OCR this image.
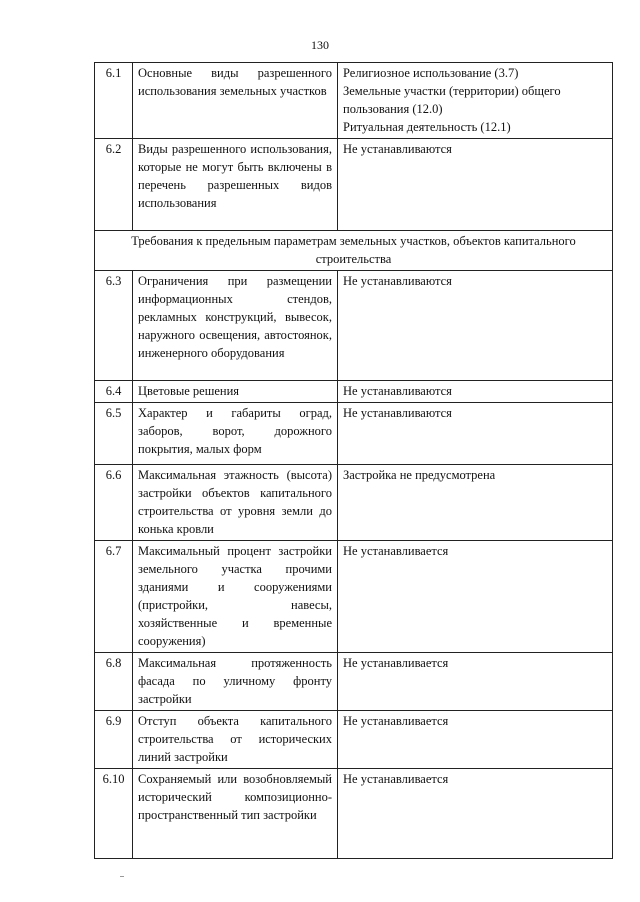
130
6.1	Основные виды разрешенного использования земельных участков	Религиозное использование (3.7)
Земельные участки (территории) общего пользования (12.0)
Ритуальная деятельность (12.1)

6.2	Виды разрешенного использования, которые не могут быть включены в перечень разрешенных видов использования	Не устанавливаются

Требования к предельным параметрам земельных участков, объектов капитального строительства		
6.3	Ограничения при размещении информационных стендов, рекламных конструкций, вывесок, наружного освещения, автостоянок, инженерного оборудования	Не устанавливаются

6.4	Цветовые решения	Не устанавливаются

6.5	Характер и габариты оград, заборов, ворот, дорожного покрытия, малых форм	Не устанавливаются

6.6	Максимальная этажность (высота) застройки объектов капитального строительства от уровня земли до конька кровли	Застройка не предусмотрена

6.7	Максимальный процент застройки земельного участка прочими зданиями и сооружениями (пристройки, навесы, хозяйственные и временные сооружения)	Не устанавливается

6.8	Максимальная протяженность фасада по уличному фронту застройки	Не устанавливается

6.9	Отступ объекта капитального строительства от исторических линий застройки	Не устанавливается

6.10	Сохраняемый или возобновляемый исторический композиционно-пространственный тип застройки	Не устанавливается
